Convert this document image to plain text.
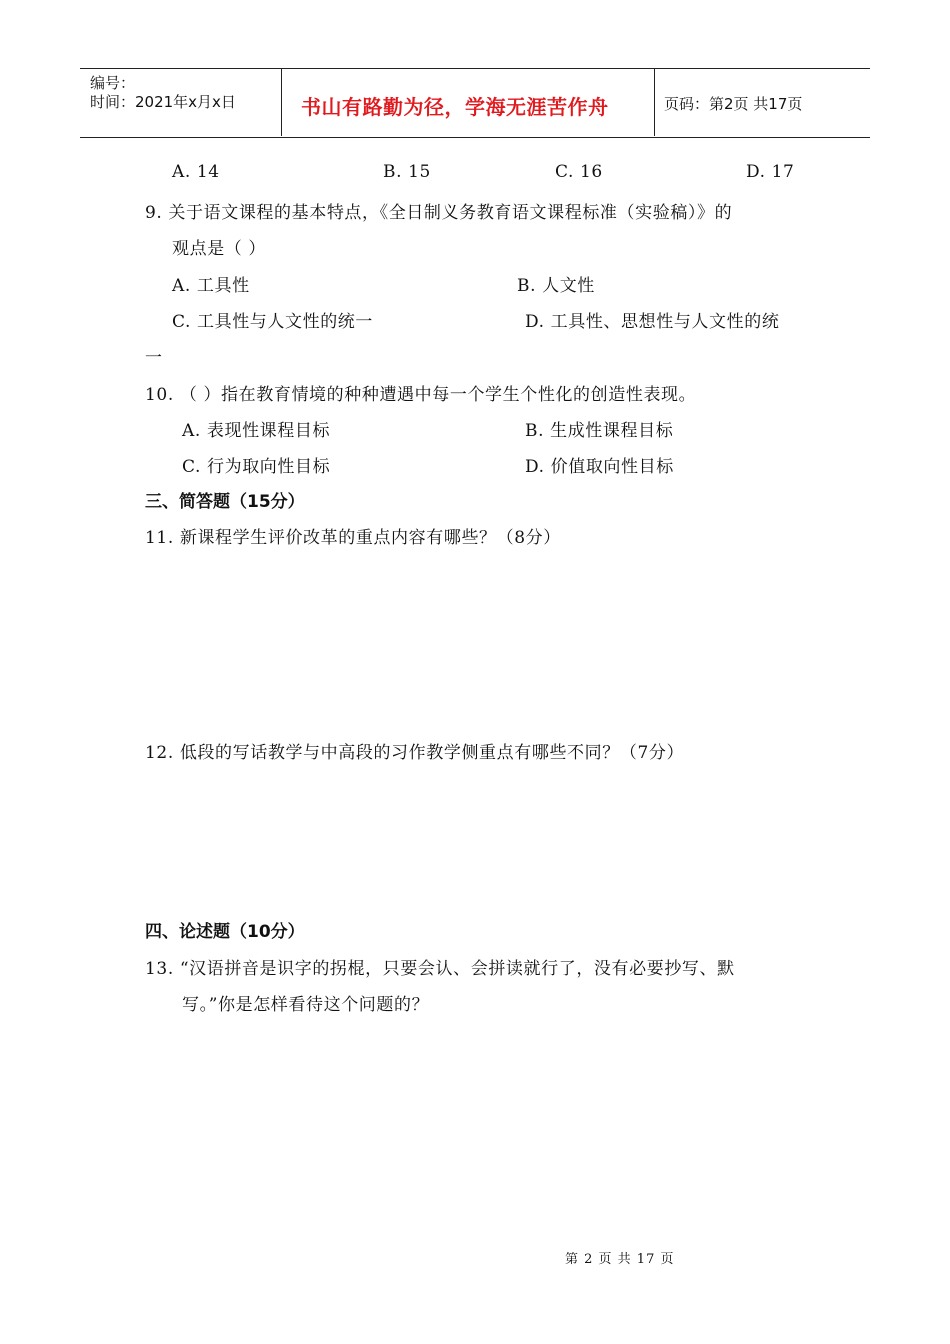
编号：
时间：2021年x月x日	书山有路勤为径，学海无涯苦作舟	页码：第2页 共17页
A. 14	B. 15	C. 16	D. 17
9. 关于语文课程的基本特点，《全日制义务教育语文课程标准（实验稿）》的
观点是（ ）
A. 工具性	B. 人文性
C. 工具性与人文性的统一	D. 工具性、思想性与人文性的统
一
10. （ ）指在教育情境的种种遭遇中每一个学生个性化的创造性表现。
A. 表现性课程目标	B. 生成性课程目标
C. 行为取向性目标	D. 价值取向性目标
三、简答题（15分）
11. 新课程学生评价改革的重点内容有哪些？（8分）
12. 低段的写话教学与中高段的习作教学侧重点有哪些不同？（7分）
四、论述题（10分）
13. “汉语拼音是识字的拐棍，只要会认、会拼读就行了，没有必要抄写、默
写。”你是怎样看待这个问题的？
第 2 页 共 17 页
